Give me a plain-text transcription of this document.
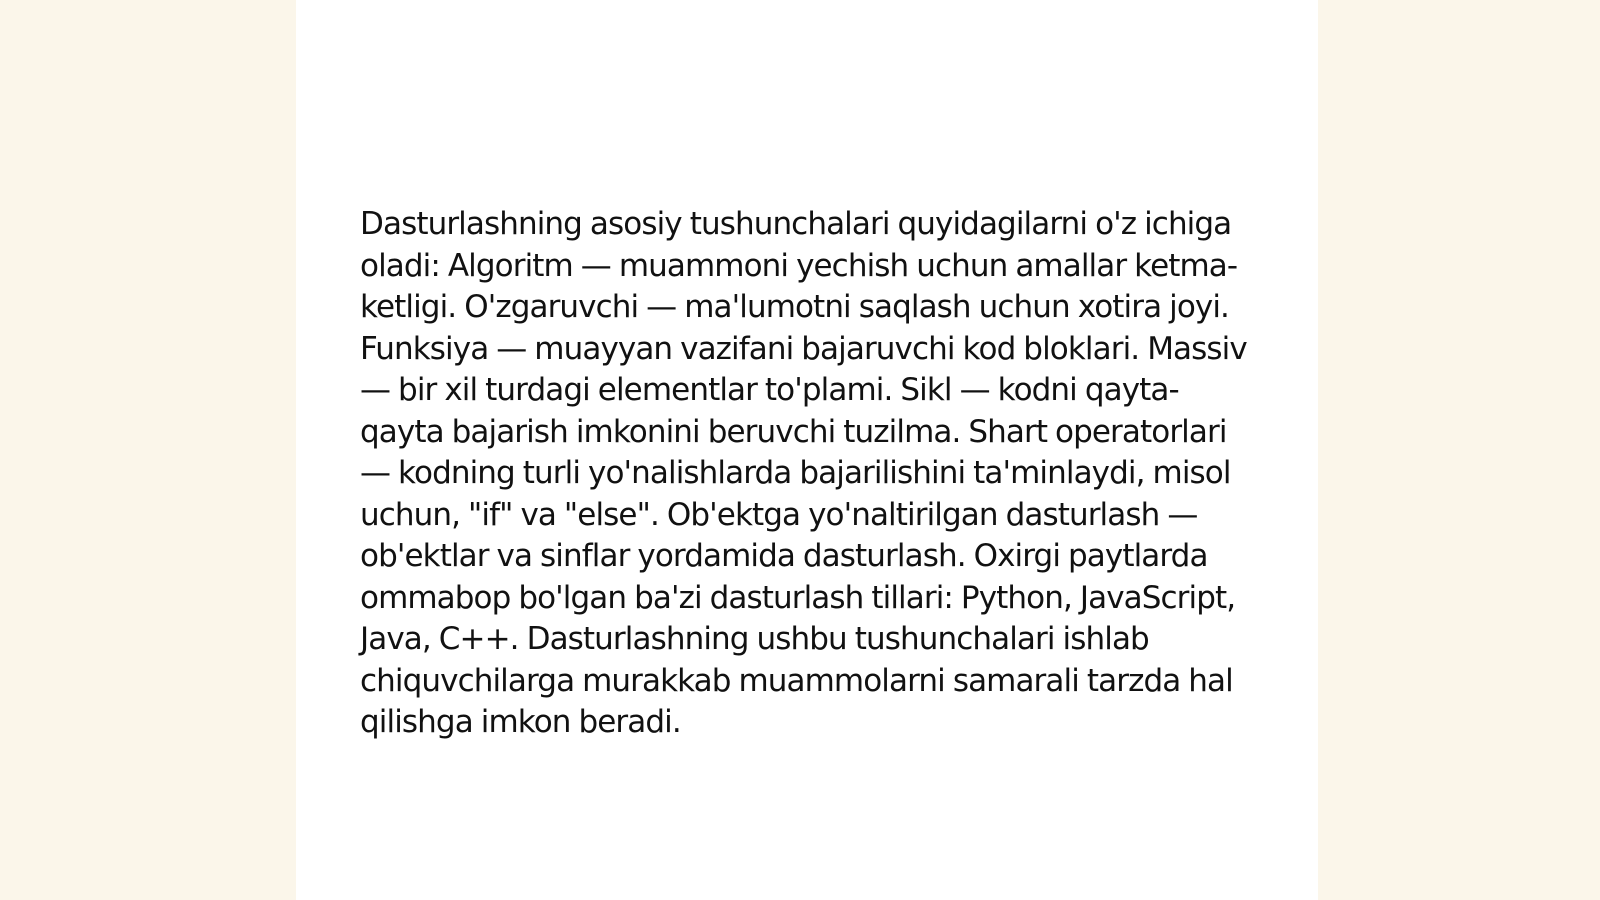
Dasturlashning asosiy tushunchalari quyidagilarni o'z ichiga oladi: Algoritm — muammoni yechish uchun amallar ketma-ketligi. O'zgaruvchi — ma'lumotni saqlash uchun xotira joyi. Funksiya — muayyan vazifani bajaruvchi kod bloklari. Massiv — bir xil turdagi elementlar to'plami. Sikl — kodni qayta-qayta bajarish imkonini beruvchi tuzilma. Shart operatorlari — kodning turli yo'nalishlarda bajarilishini ta'minlaydi, misol uchun, "if" va "else". Ob'ektga yo'naltirilgan dasturlash — ob'ektlar va sinflar yordamida dasturlash. Oxirgi paytlarda ommabop bo'lgan ba'zi dasturlash tillari: Python, JavaScript, Java, C++. Dasturlashning ushbu tushunchalari ishlab chiquvchilarga murakkab muammolarni samarali tarzda hal qilishga imkon beradi.
